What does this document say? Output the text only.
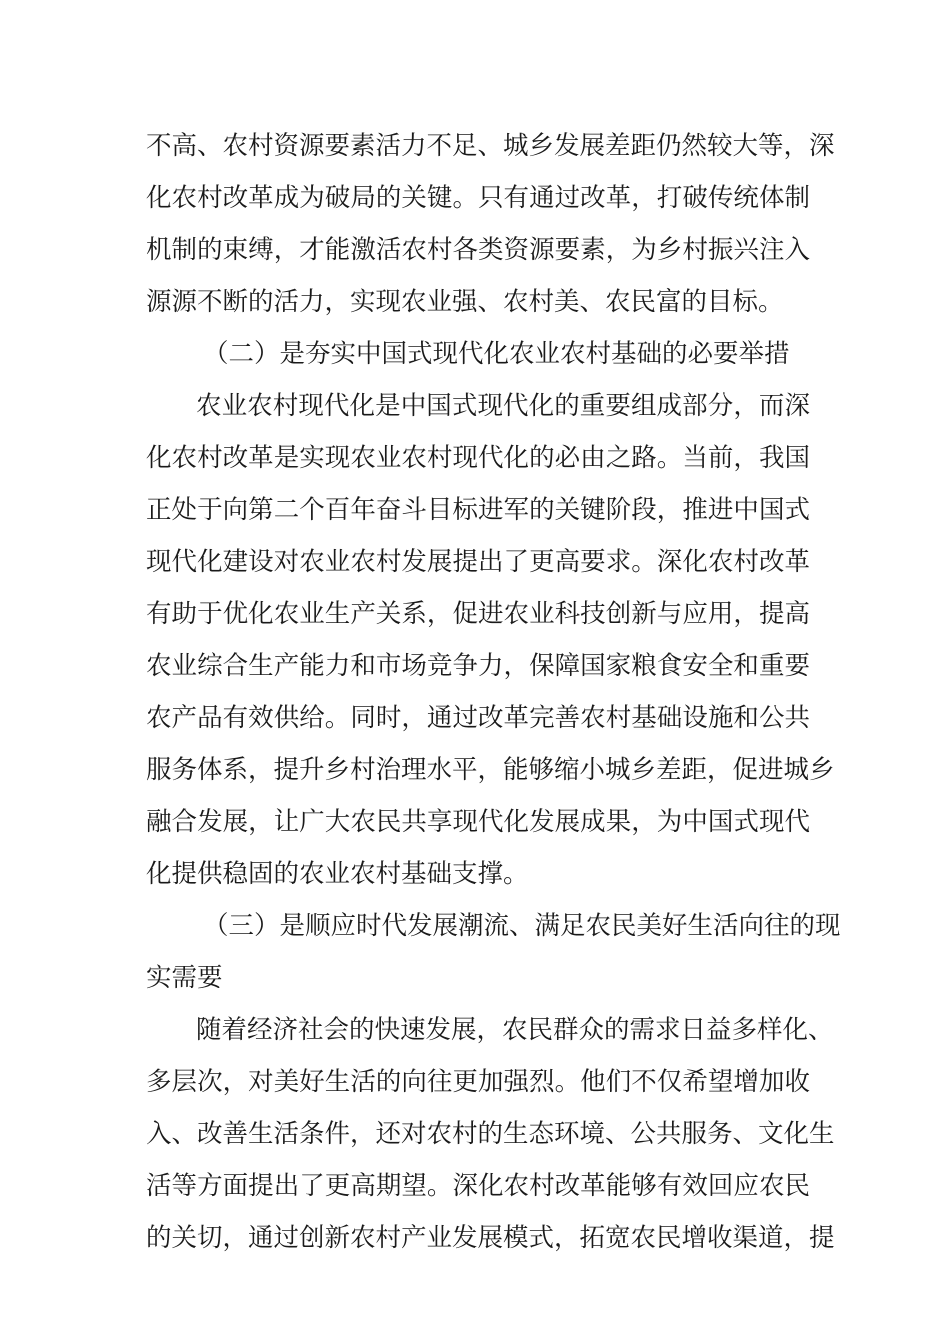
不高、农村资源要素活力不足、城乡发展差距仍然较大等，深
化农村改革成为破局的关键。只有通过改革，打破传统体制
机制的束缚，才能激活农村各类资源要素，为乡村振兴注入
源源不断的活力，实现农业强、农村美、农民富的目标。
（二）是夯实中国式现代化农业农村基础的必要举措
农业农村现代化是中国式现代化的重要组成部分，而深
化农村改革是实现农业农村现代化的必由之路。当前，我国
正处于向第二个百年奋斗目标进军的关键阶段，推进中国式
现代化建设对农业农村发展提出了更高要求。深化农村改革
有助于优化农业生产关系，促进农业科技创新与应用，提高
农业综合生产能力和市场竞争力，保障国家粮食安全和重要
农产品有效供给。同时，通过改革完善农村基础设施和公共
服务体系，提升乡村治理水平，能够缩小城乡差距，促进城乡
融合发展，让广大农民共享现代化发展成果，为中国式现代
化提供稳固的农业农村基础支撑。
（三）是顺应时代发展潮流、满足农民美好生活向往的现
实需要
随着经济社会的快速发展，农民群众的需求日益多样化、
多层次，对美好生活的向往更加强烈。他们不仅希望增加收
入、改善生活条件，还对农村的生态环境、公共服务、文化生
活等方面提出了更高期望。深化农村改革能够有效回应农民
的关切，通过创新农村产业发展模式，拓宽农民增收渠道，提
